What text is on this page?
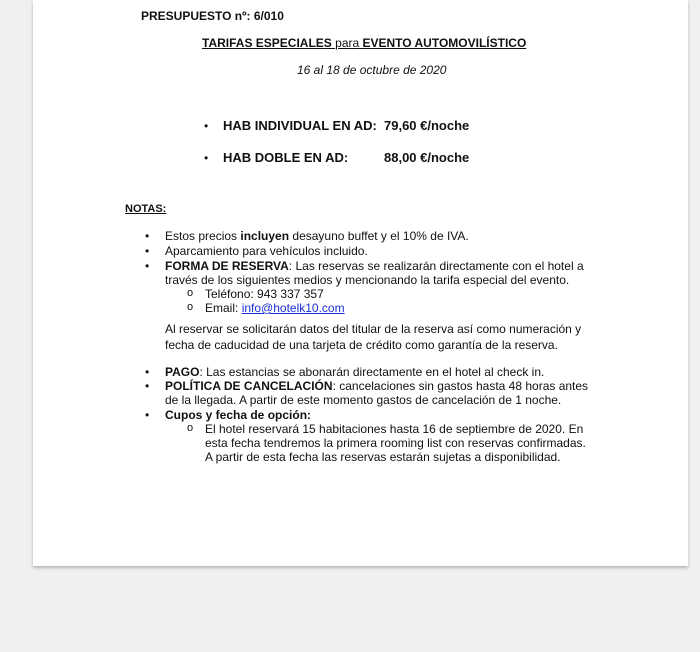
PRESUPUESTO nº: 6/010
TARIFAS ESPECIALES para EVENTO AUTOMOVILÍSTICO
16 al 18 de octubre de 2020
• HAB INDIVIDUAL EN AD: 79,60 €/noche
• HAB DOBLE EN AD:	88,00 €/noche
NOTAS:
• Estos precios incluyen desayuno buffet y el 10% de IVA.
• Aparcamiento para vehículos incluido.
• FORMA DE RESERVA: Las reservas se realizarán directamente con el hotel a
través de los siguientes medios y mencionando la tarifa especial del evento.
o Teléfono: 943 337 357
o Email: info@hotelk10.com
Al reservar se solicitarán datos del titular de la reserva así como numeración y
fecha de caducidad de una tarjeta de crédito como garantía de la reserva.
• PAGO: Las estancias se abonarán directamente en el hotel al check in.
• POLÍTICA DE CANCELACIÓN: cancelaciones sin gastos hasta 48 horas antes
de la llegada. A partir de este momento gastos de cancelación de 1 noche.
• Cupos y fecha de opción:
o El hotel reservará 15 habitaciones hasta 16 de septiembre de 2020. En
esta fecha tendremos la primera rooming list con reservas confirmadas.
A partir de esta fecha las reservas estarán sujetas a disponibilidad.
